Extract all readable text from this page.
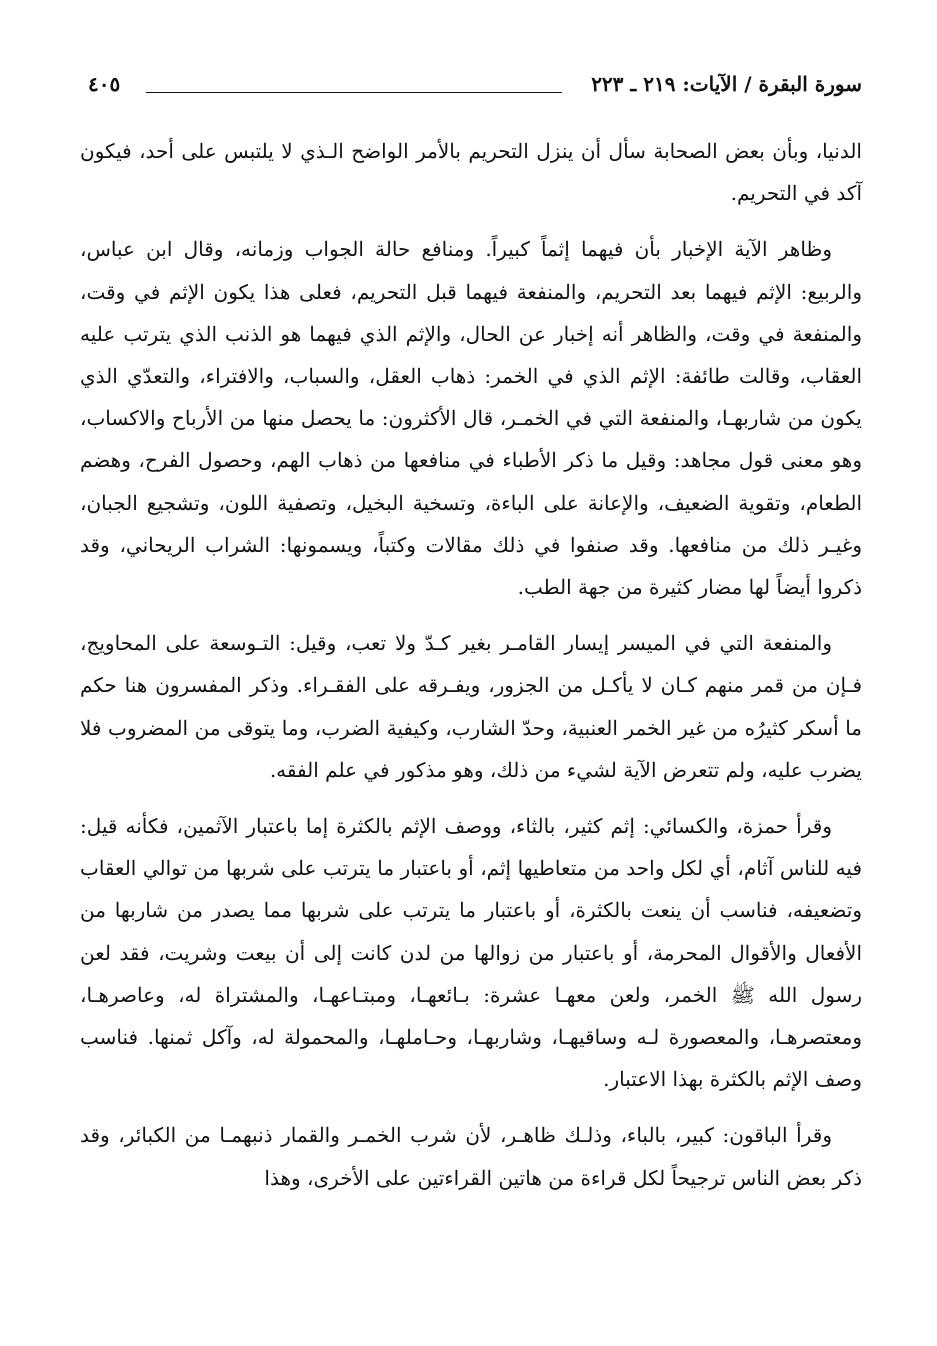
سورة البقرة / الآيات: ٢١٩ ـ ٢٢٣
٤٠٥

الدنيا، وبأن بعض الصحابة سأل أن ينزل التحريم بالأمر الواضح الـذي لا يلتبس على أحد، فيكون آكد في التحريم.

وظاهر الآية الإخبار بأن فيهما إثماً كبيراً. ومنافع حالة الجواب وزمانه، وقال ابن عباس، والربيع: الإثم فيهما بعد التحريم، والمنفعة فيهما قبل التحريم، فعلى هذا يكون الإثم في وقت، والمنفعة في وقت، والظاهر أنه إخبار عن الحال، والإثم الذي فيهما هو الذنب الذي يترتب عليه العقاب، وقالت طائفة: الإثم الذي في الخمر: ذهاب العقل، والسباب، والافتراء، والتعدّي الذي يكون من شاربهـا، والمنفعة التي في الخمـر، قال الأكثرون: ما يحصل منها من الأرباح والاكساب، وهو معنى قول مجاهد: وقيل ما ذكر الأطباء في منافعها من ذهاب الهم، وحصول الفرح، وهضم الطعام، وتقوية الضعيف، والإعانة على الباءة، وتسخية البخيل، وتصفية اللون، وتشجيع الجبان، وغيـر ذلك من منافعها. وقد صنفوا في ذلك مقالات وكتباً، ويسمونها: الشراب الريحاني، وقد ذكروا أيضاً لها مضار كثيرة من جهة الطب.

والمنفعة التي في الميسر إيسار القامـر بغير كـدّ ولا تعب، وقيل: التـوسعة على المحاويج، فـإن من قمر منهم كـان لا يأكـل من الجزور، ويفـرقه على الفقـراء. وذكر المفسرون هنا حكم ما أسكر كثيرُه من غير الخمر العنبية، وحدّ الشارب، وكيفية الضرب، وما يتوقى من المضروب فلا يضرب عليه، ولم تتعرض الآية لشيء من ذلك، وهو مذكور في علم الفقه.

وقرأ حمزة، والكسائي: إثم كثير، بالثاء، ووصف الإثم بالكثرة إما باعتبار الآثمين، فكأنه قيل: فيه للناس آثام، أي لكل واحد من متعاطيها إثم، أو باعتبار ما يترتب على شربها من توالي العقاب وتضعيفه، فناسب أن ينعت بالكثرة، أو باعتبار ما يترتب على شربها مما يصدر من شاربها من الأفعال والأقوال المحرمة، أو باعتبار من زوالها من لدن كانت إلى أن بيعت وشريت، فقد لعن رسول الله ﷺ الخمر، ولعن معهـا عشرة: بـائعهـا، ومبتـاعهـا، والمشتراة له، وعاصرهـا، ومعتصرهـا، والمعصورة لـه وساقيهـا، وشاربهـا، وحـاملهـا، والمحمولة له، وآكل ثمنها. فناسب وصف الإثم بالكثرة بهذا الاعتبار.

وقرأ الباقون: كبير، بالباء، وذلـك ظاهـر، لأن شرب الخمـر والقمار ذنبهمـا من الكبائر، وقد ذكر بعض الناس ترجيحاً لكل قراءة من هاتين القراءتين على الأخرى، وهذا
